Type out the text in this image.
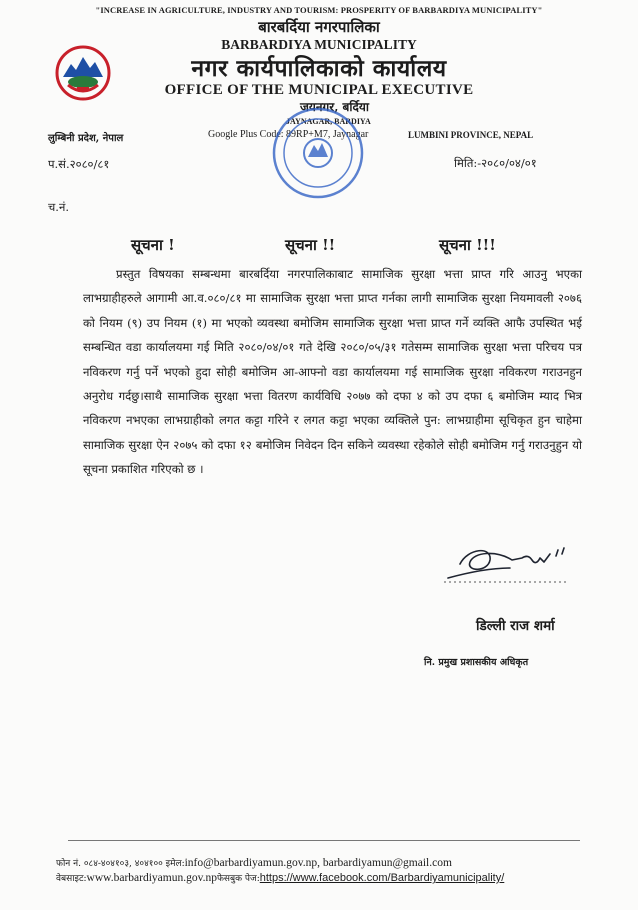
"INCREASE IN AGRICULTURE, INDUSTRY AND TOURISM: PROSPERITY OF BARBARDIYA MUNICIPALITY"
बारबर्दिया नगरपालिका
BARBARDIYA MUNICIPALITY
नगर कार्यपालिकाको कार्यालय
OFFICE OF THE MUNICIPAL EXECUTIVE
जयनगर, बर्दिया
JAYNAGAR, BARDIYA
लुम्बिनी प्रदेश, नेपाल	Google Plus Code: 89RP+M7, Jaynagar	LUMBINI PROVINCE, NEPAL
प.सं.२०८०/८१	मिति:-२०८०/०४/०१
च.नं.
सूचना !	सूचना !!	सूचना !!!
प्रस्तुत विषयका सम्बन्धमा बारबर्दिया नगरपालिकाबाट सामाजिक सुरक्षा भत्ता प्राप्त गरि आउनु भएका लाभग्राहीहरुले आगामी आ.व.०८०/८१ मा सामाजिक सुरक्षा भत्ता प्राप्त गर्नका लागी सामाजिक सुरक्षा नियमावली २०७६ को नियम (९) उप नियम (१) मा भएको व्यवस्था बमोजिम सामाजिक सुरक्षा भत्ता प्राप्त गर्ने व्यक्ति आफै उपस्थित भई सम्बन्धित वडा कार्यालयमा गई मिति २०८०/०४/०१ गते देखि २०८०/०५/३१ गतेसम्म सामाजिक सुरक्षा भत्ता परिचय पत्र नविकरण गर्नु पर्ने भएको हुदा सोही बमोजिम आ-आफ्नो वडा कार्यालयमा गई सामाजिक सुरक्षा नविकरण गराउनहुन अनुरोध गर्दछु।साथै सामाजिक सुरक्षा भत्ता वितरण कार्यविधि २०७७ को दफा ४ को उप दफा ६ बमोजिम म्याद भित्र नविकरण नभएका लाभग्राहीको लगत कट्टा गरिने र लगत कट्टा भएका व्यक्तिले पुन: लाभग्राहीमा सूचिकृत हुन चाहेमा सामाजिक सुरक्षा ऐन २०७५ को दफा १२ बमोजिम निवेदन दिन सकिने व्यवस्था रहेकोले सोही बमोजिम गर्नु गराउनुहुन यो सूचना प्रकाशित गरिएको छ ।
डिल्ली राज शर्मा
नि. प्रमुख प्रशासकीय अधिकृत
फोन नं. ०८४-४०४१०३, ४०४१०० इमेल:info@barbardiyamun.gov.np, barbardiyamun@gmail.com
वेबसाइट:www.barbardiyamun.gov.npफेसबुक पेज:https://www.facebook.com/Barbardiyamunicipality/
